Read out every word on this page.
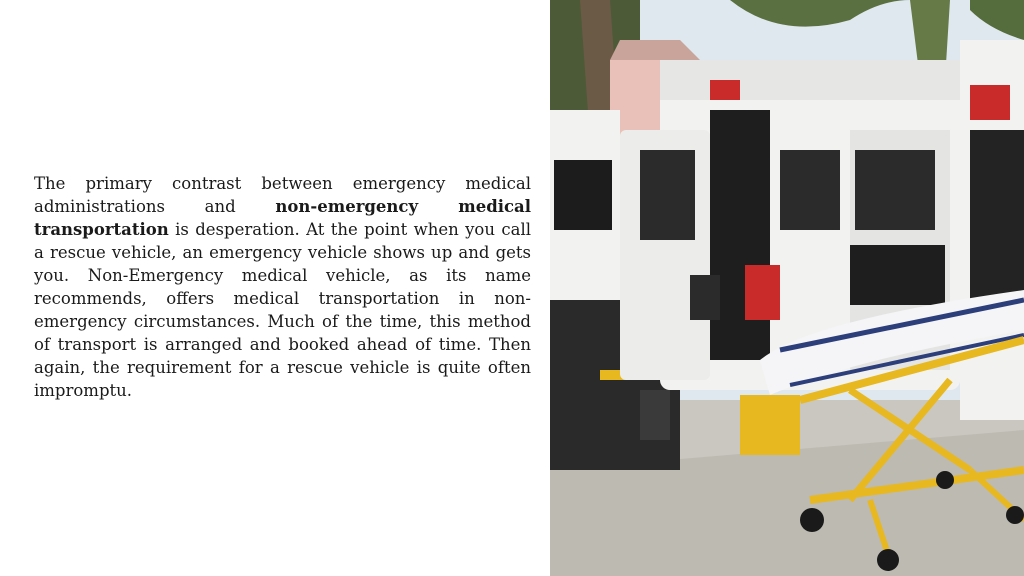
The primary contrast between emergency medical administrations and non-emergency medical transportation is desperation. At the point when you call a rescue vehicle, an emergency vehicle shows up and gets you. Non-Emergency medical vehicle, as its name recommends, offers medical transportation in non-emergency circumstances. Much of the time, this method of transport is arranged and booked ahead of time. Then again, the requirement for a rescue vehicle is quite often impromptu.
